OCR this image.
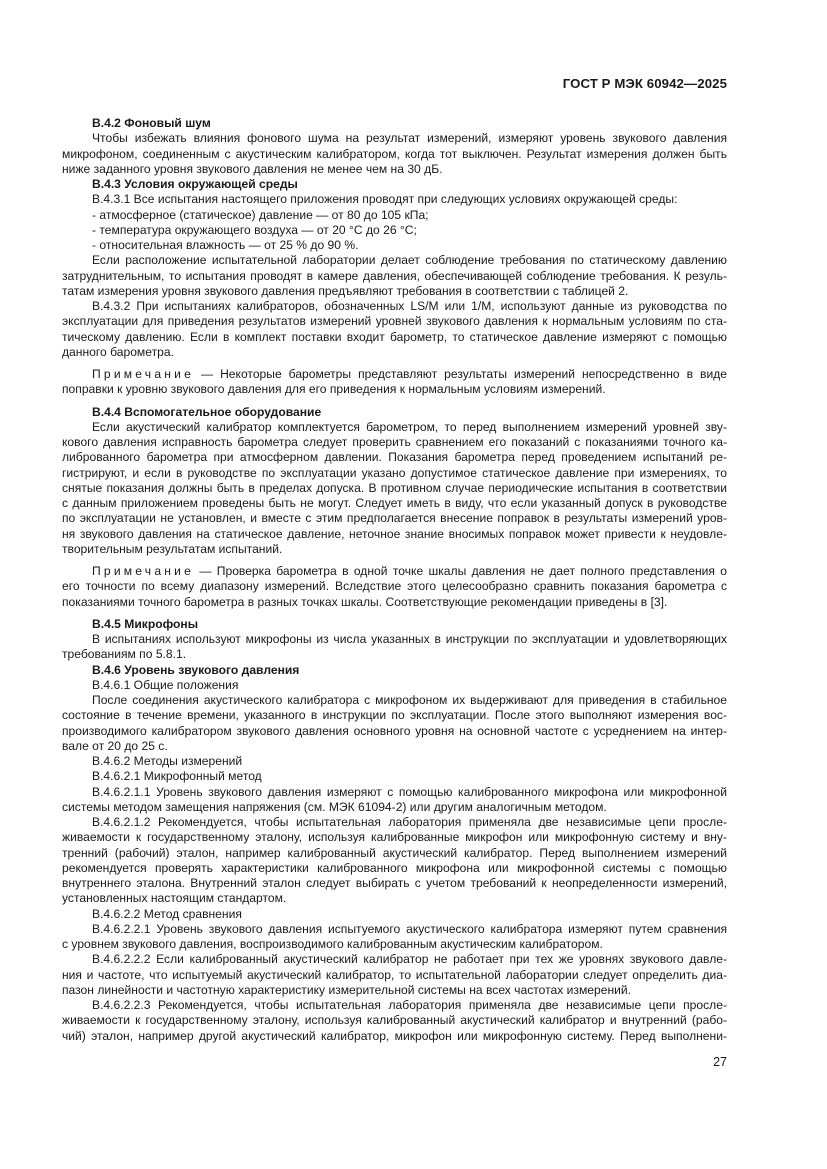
ГОСТ Р МЭК 60942—2025
В.4.2 Фоновый шум
Чтобы избежать влияния фонового шума на результат измерений, измеряют уровень звукового давления
микрофоном, соединенным с акустическим калибратором, когда тот выключен. Результат измерения должен быть
ниже заданного уровня звукового давления не менее чем на 30 дБ.
В.4.3 Условия окружающей среды
В.4.3.1 Все испытания настоящего приложения проводят при следующих условиях окружающей среды:
- атмосферное (статическое) давление — от 80 до 105 кПа;
- температура окружающего воздуха — от 20 °С до 26 °С;
- относительная влажность — от 25 % до 90 %.
Если расположение испытательной лаборатории делает соблюдение требования по статическому давлению
затруднительным, то испытания проводят в камере давления, обеспечивающей соблюдение требования. К резуль-
татам измерения уровня звукового давления предъявляют требования в соответствии с таблицей 2.
В.4.3.2 При испытаниях калибраторов, обозначенных LS/M или 1/M, используют данные из руководства по
эксплуатации для приведения результатов измерений уровней звукового давления к нормальным условиям по ста-
тическому давлению. Если в комплект поставки входит барометр, то статическое давление измеряют с помощью
данного барометра.
Примечание — Некоторые барометры представляют результаты измерений непосредственно в виде
поправки к уровню звукового давления для его приведения к нормальным условиям измерений.
В.4.4 Вспомогательное оборудование
Если акустический калибратор комплектуется барометром, то перед выполнением измерений уровней зву-
кового давления исправность барометра следует проверить сравнением его показаний с показаниями точного ка-
либрованного барометра при атмосферном давлении. Показания барометра перед проведением испытаний ре-
гистрируют, и если в руководстве по эксплуатации указано допустимое статическое давление при измерениях, то
снятые показания должны быть в пределах допуска. В противном случае периодические испытания в соответствии
с данным приложением проведены быть не могут. Следует иметь в виду, что если указанный допуск в руководстве
по эксплуатации не установлен, и вместе с этим предполагается внесение поправок в результаты измерений уров-
ня звукового давления на статическое давление, неточное знание вносимых поправок может привести к неудовле-
творительным результатам испытаний.
Примечание — Проверка барометра в одной точке шкалы давления не дает полного представления о
его точности по всему диапазону измерений. Вследствие этого целесообразно сравнить показания барометра с
показаниями точного барометра в разных точках шкалы. Соответствующие рекомендации приведены в [3].
В.4.5 Микрофоны
В испытаниях используют микрофоны из числа указанных в инструкции по эксплуатации и удовлетворяющих
требованиям по 5.8.1.
В.4.6 Уровень звукового давления
В.4.6.1 Общие положения
После соединения акустического калибратора с микрофоном их выдерживают для приведения в стабильное
состояние в течение времени, указанного в инструкции по эксплуатации. После этого выполняют измерения вос-
производимого калибратором звукового давления основного уровня на основной частоте с усреднением на интер-
вале от 20 до 25 с.
В.4.6.2 Методы измерений
В.4.6.2.1 Микрофонный метод
В.4.6.2.1.1 Уровень звукового давления измеряют с помощью калиброванного микрофона или микрофонной
системы методом замещения напряжения (см. МЭК 61094-2) или другим аналогичным методом.
В.4.6.2.1.2 Рекомендуется, чтобы испытательная лаборатория применяла две независимые цепи просле-
живаемости к государственному эталону, используя калиброванные микрофон или микрофонную систему и вну-
тренний (рабочий) эталон, например калиброванный акустический калибратор. Перед выполнением измерений
рекомендуется проверять характеристики калиброванного микрофона или микрофонной системы с помощью
внутреннего эталона. Внутренний эталон следует выбирать с учетом требований к неопределенности измерений,
установленных настоящим стандартом.
В.4.6.2.2 Метод сравнения
В.4.6.2.2.1 Уровень звукового давления испытуемого акустического калибратора измеряют путем сравнения
с уровнем звукового давления, воспроизводимого калиброванным акустическим калибратором.
В.4.6.2.2.2 Если калиброванный акустический калибратор не работает при тех же уровнях звукового давле-
ния и частоте, что испытуемый акустический калибратор, то испытательной лаборатории следует определить диа-
пазон линейности и частотную характеристику измерительной системы на всех частотах измерений.
В.4.6.2.2.3 Рекомендуется, чтобы испытательная лаборатория применяла две независимые цепи просле-
живаемости к государственному эталону, используя калиброванный акустический калибратор и внутренний (рабо-
чий) эталон, например другой акустический калибратор, микрофон или микрофонную систему. Перед выполнени-
27
